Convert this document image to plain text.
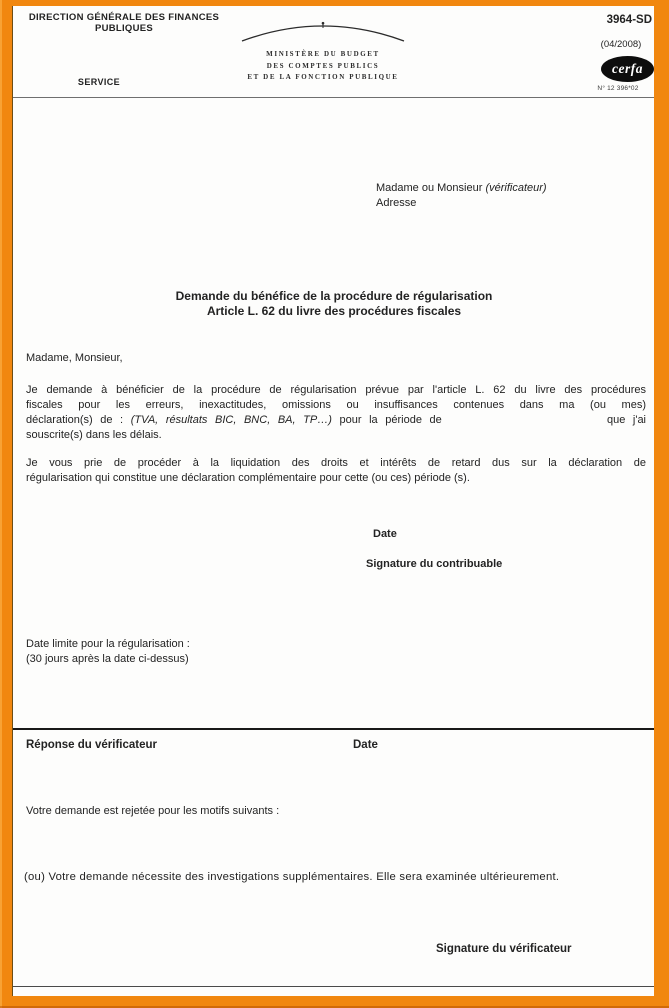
DIRECTION GÉNÉRALE DES FINANCES
PUBLIQUES
SERVICE
MINISTÈRE DU BUDGET
DES COMPTES PUBLICS
ET DE LA FONCTION PUBLIQUE
3964-SD
(04/2008)
cerfa
N° 12 396*02
Madame ou Monsieur (vérificateur)
Adresse
Demande du bénéfice de la procédure de régularisation
Article L. 62 du livre des procédures fiscales
Madame, Monsieur,
Je demande à bénéficier de la procédure de régularisation prévue par l'article L. 62 du livre des procédures
fiscales pour les erreurs, inexactitudes, omissions ou insuffisances contenues dans ma (ou mes)
déclaration(s) de : (TVA, résultats BIC, BNC, BA, TP…) pour la période de	que j'ai
souscrite(s) dans les délais.
Je vous prie de procéder à la liquidation des droits et intérêts de retard dus sur la déclaration de
régularisation qui constitue une déclaration complémentaire pour cette (ou ces) période (s).
Date
Signature du contribuable
Date limite pour la régularisation :
(30 jours après la date ci-dessus)
Réponse du vérificateur	Date
Votre demande est rejetée pour les motifs suivants :
(ou) Votre demande nécessite des investigations supplémentaires. Elle sera examinée ultérieurement.
Signature du vérificateur
